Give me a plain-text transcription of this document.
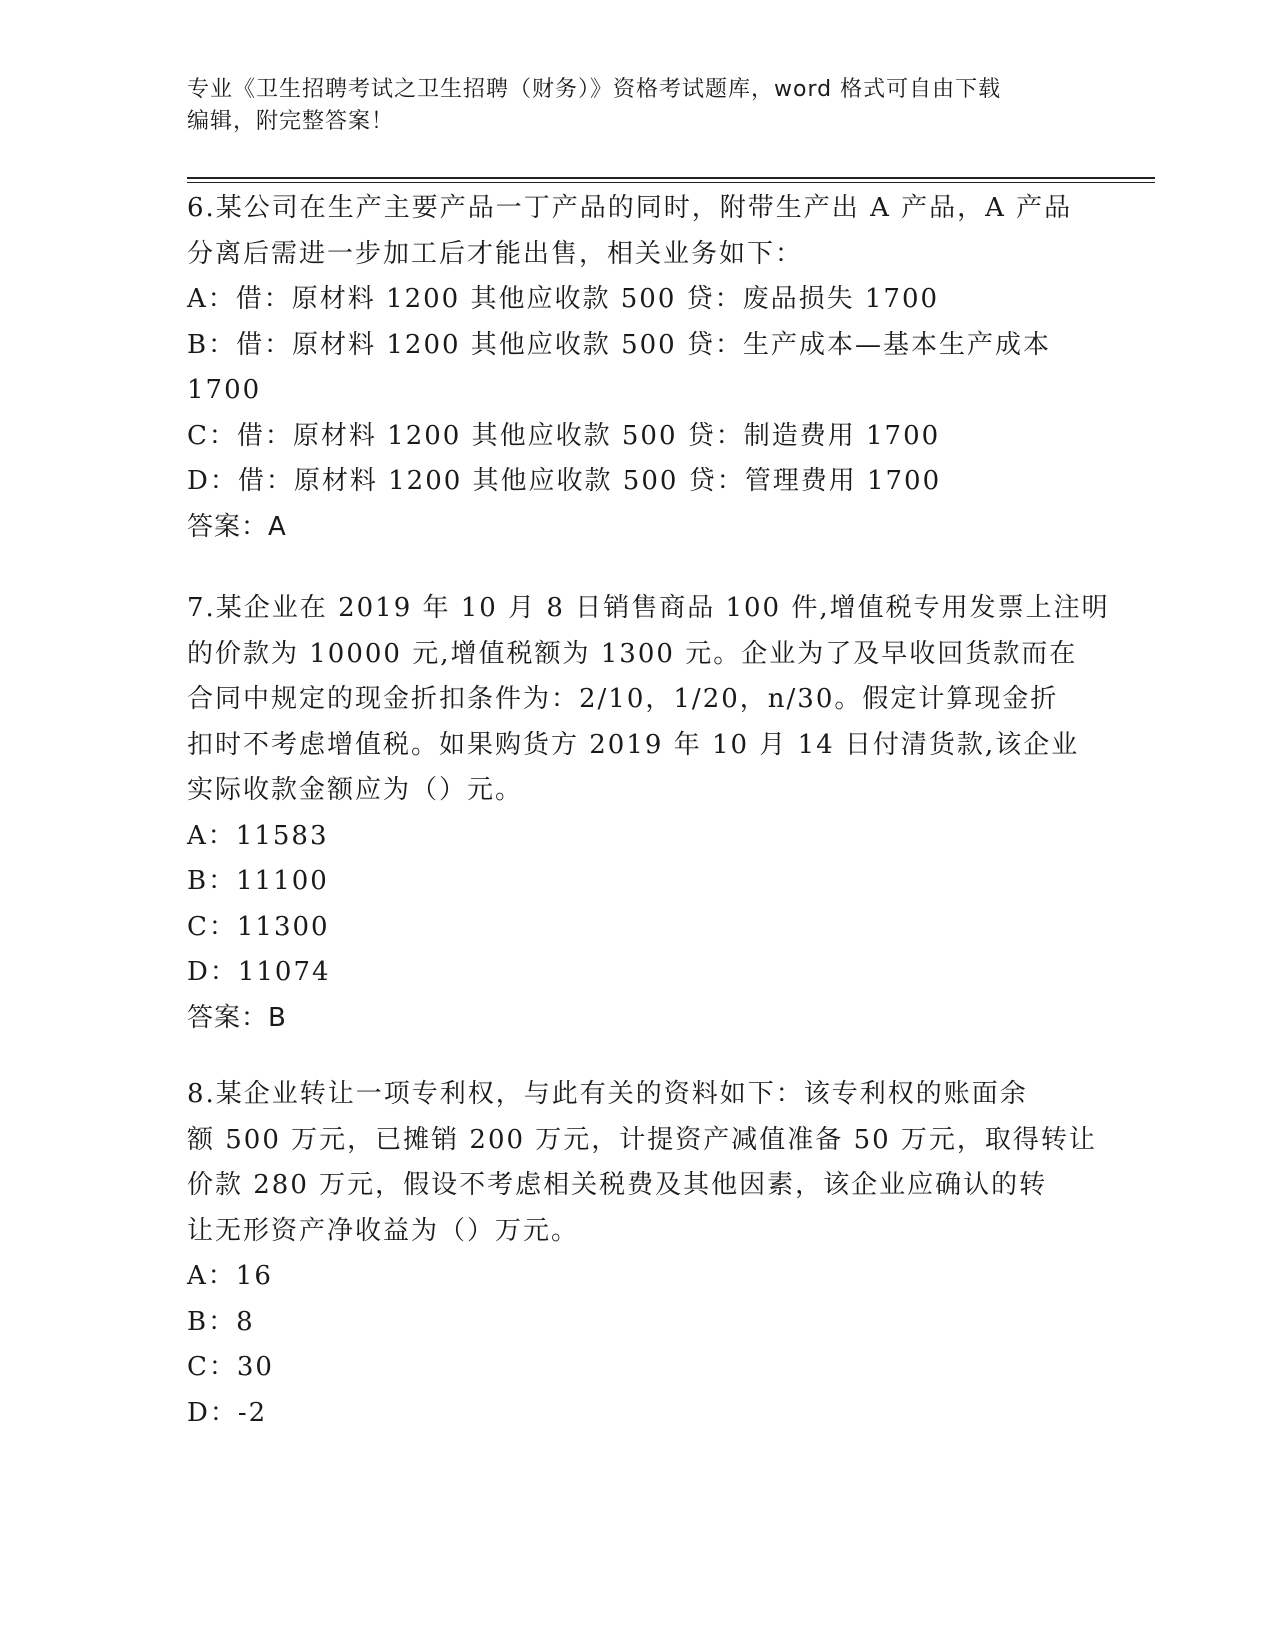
专业《卫生招聘考试之卫生招聘（财务）》资格考试题库，word 格式可自由下载
编辑，附完整答案！
6.某公司在生产主要产品一丁产品的同时，附带生产出 A 产品，A 产品
分离后需进一步加工后才能出售，相关业务如下：
A：借：原材料 1200 其他应收款 500 贷：废品损失 1700
B：借：原材料 1200 其他应收款 500 贷：生产成本—基本生产成本
1700
C：借：原材料 1200 其他应收款 500 贷：制造费用 1700
D：借：原材料 1200 其他应收款 500 贷：管理费用 1700
答案：A
7.某企业在 2019 年 10 月 8 日销售商品 100 件,增值税专用发票上注明
的价款为 10000 元,增值税额为 1300 元。企业为了及早收回货款而在
合同中规定的现金折扣条件为：2/10，1/20，n/30。假定计算现金折
扣时不考虑增值税。如果购货方 2019 年 10 月 14 日付清货款,该企业
实际收款金额应为（）元。
A：11583
B：11100
C：11300
D：11074
答案：B
8.某企业转让一项专利权，与此有关的资料如下：该专利权的账面余
额 500 万元，已摊销 200 万元，计提资产减值准备 50 万元，取得转让
价款 280 万元，假设不考虑相关税费及其他因素，该企业应确认的转
让无形资产净收益为（）万元。
A：16
B：8
C：30
D：-2
